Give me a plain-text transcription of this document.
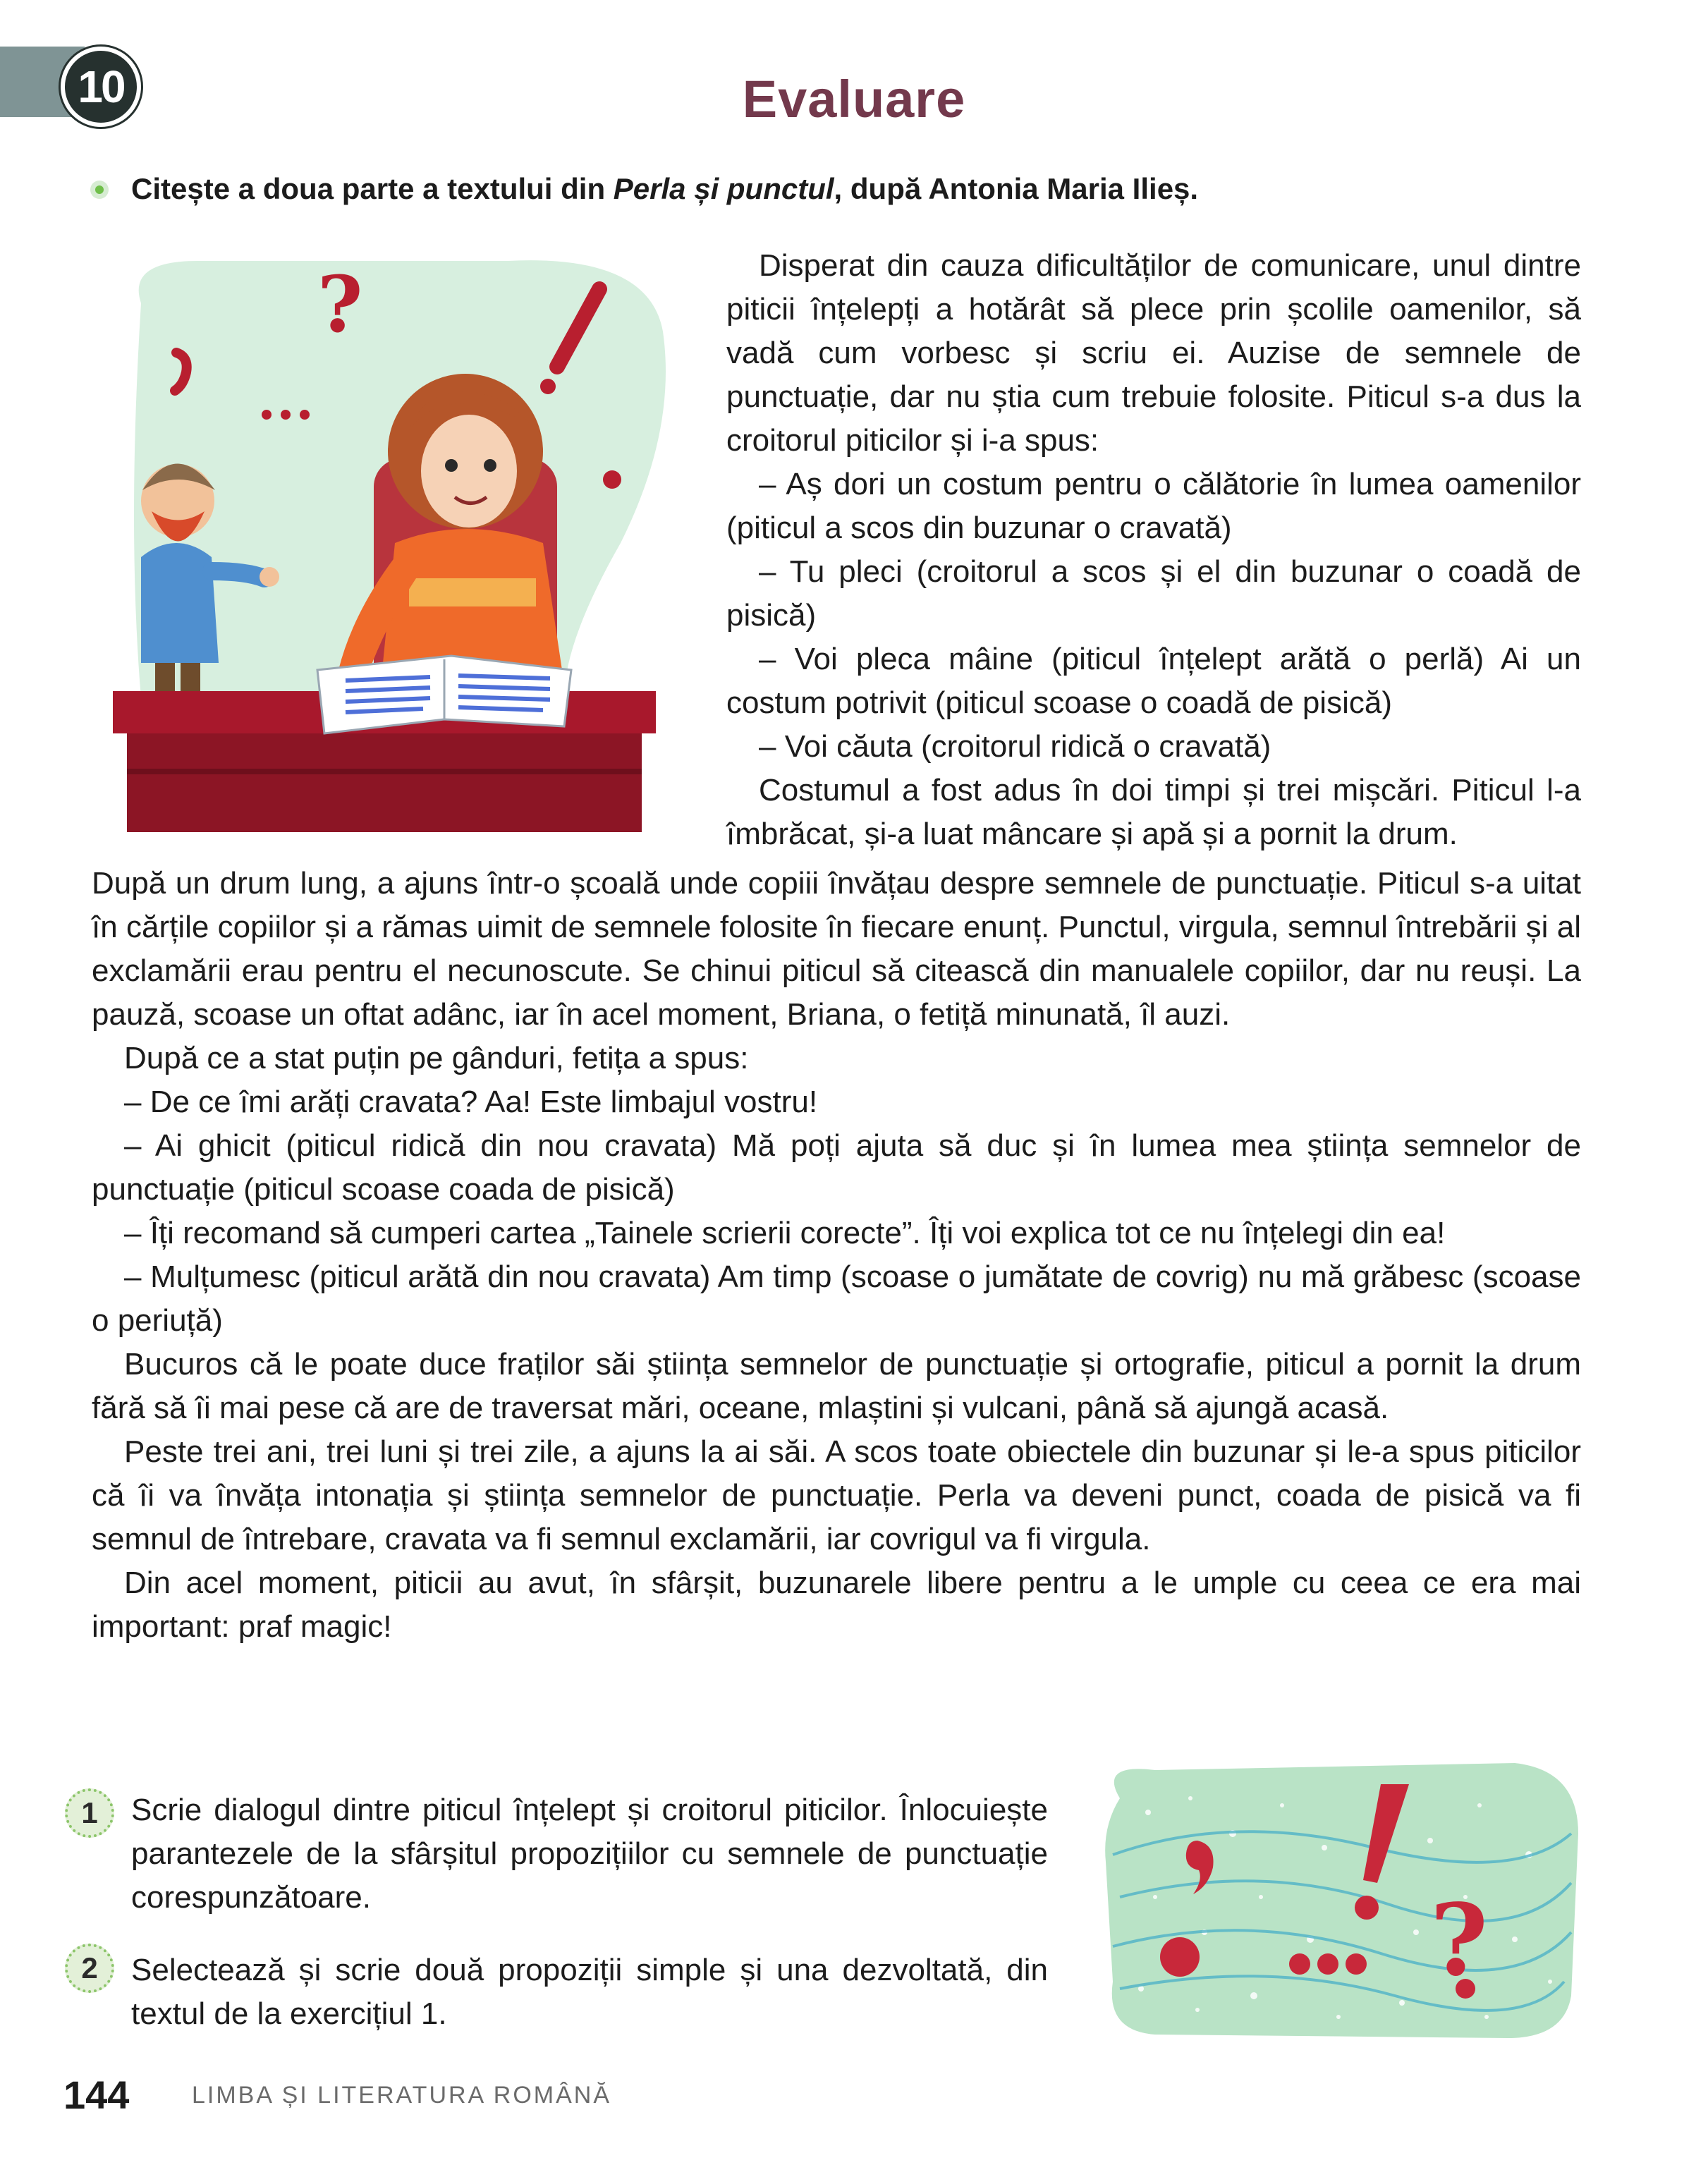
10	Evaluare
Citește a doua parte a textului din Perla și punctul, după Antonia Maria Ilieș.
?	Disperat din cauza dificultăților de comunicare, unul dintre piticii înțelepți a hotărât să plece prin școlile oamenilor, să vadă cum vorbesc și scriu ei. Auzise de semnele de punctuație, dar nu știa cum trebuie folosite. Piticul s-a dus la croitorul piticilor și i-a spus:

– Aș dori un costum pentru o călătorie în lumea oamenilor (piticul a scos din buzunar o cravată)

– Tu pleci (croitorul a scos și el din buzunar o coadă de pisică)

– Voi pleca mâine (piticul înțelept arătă o perlă) Ai un costum potrivit (piticul scoase o coadă de pisică)

– Voi căuta (croitorul ridică o cravată)

Costumul a fost adus în doi timpi și trei mișcări. Piticul l-a îmbrăcat, și-a luat mâncare și apă și a pornit la drum.

După un drum lung, a ajuns într-o școală unde copiii învățau despre semnele de punctuație. Piticul s-a uitat în cărțile copiilor și a rămas uimit de semnele folosite în fiecare enunț. Punctul, virgula, semnul întrebării și al exclamării erau pentru el necunoscute. Se chinui piticul să citească din manualele copiilor, dar nu reuși. La pauză, scoase un oftat adânc, iar în acel moment, Briana, o fetiță minunată, îl auzi.

După ce a stat puțin pe gânduri, fetița a spus:

– De ce îmi arăți cravata? Aa! Este limbajul vostru!

– Ai ghicit (piticul ridică din nou cravata) Mă poți ajuta să duc și în lumea mea știința semnelor de punctuație (piticul scoase coada de pisică)

– Îți recomand să cumperi cartea „Tainele scrierii corecte”. Îți voi explica tot ce nu înțelegi din ea!

– Mulțumesc (piticul arătă din nou cravata) Am timp (scoase o jumătate de covrig) nu mă grăbesc (scoase o periuță)

Bucuros că le poate duce fraților săi știința semnelor de punctuație și ortografie, piticul a pornit la drum fără să îi mai pese că are de traversat mări, oceane, mlaștini și vulcani, până să ajungă acasă.

Peste trei ani, trei luni și trei zile, a ajuns la ai săi. A scos toate obiectele din buzunar și le-a spus piticilor că îi va învăța intonația și știința semnelor de punctuație. Perla va deveni punct, coada de pisică va fi semnul de întrebare, cravata va fi semnul exclamării, iar covrigul va fi virgula.

Din acel moment, piticii au avut, în sfârșit, buzunarele libere pentru a le umple cu ceea ce era mai important: praf magic!

1	Scrie dialogul dintre piticul înțelept și croitorul piticilor. Înlocuiește parantezele de la sfârșitul propozițiilor cu semnele de punctuație corespunzătoare.
2	Selectează și scrie două propoziții simple și una dezvoltată, din textul de la exercițiul 1.
?
144	LIMBA ȘI LITERATURA ROMÂNĂ
